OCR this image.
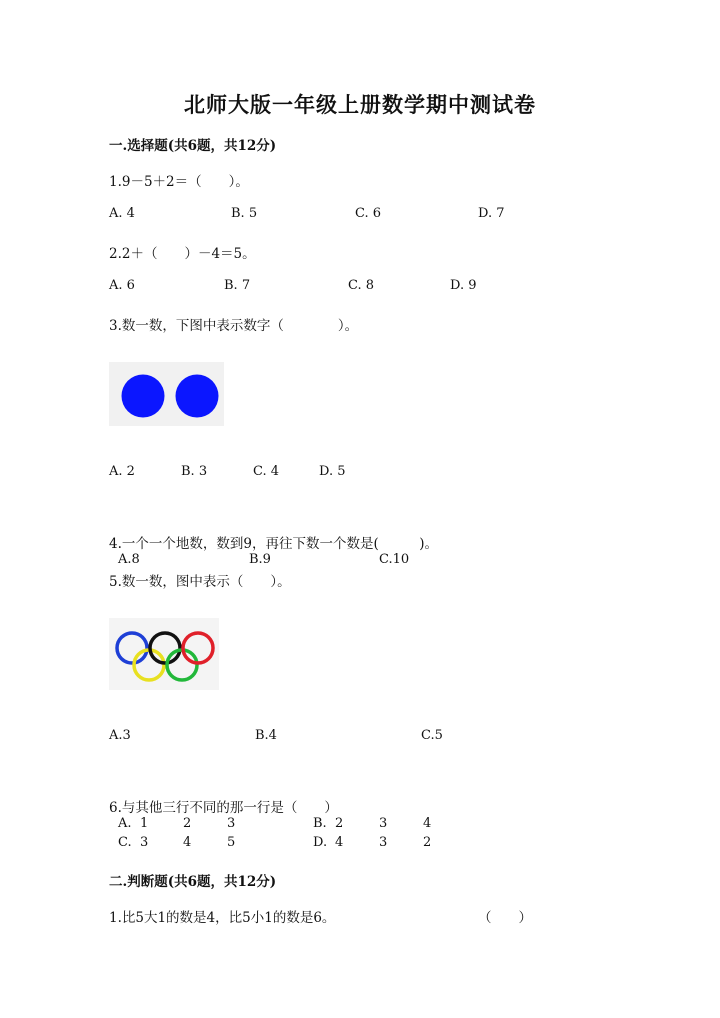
北师大版一年级上册数学期中测试卷
一.选择题(共6题，共12分)
1.9－5＋2＝（　　）。
A. 4	B. 5	C. 6	D. 7
2.2＋（　　）－4＝5。
A. 6	B. 7	C. 8	D. 9
3.数一数，下图中表示数字（　　　　）。
A. 2	B. 3	C. 4	D. 5
4.一个一个地数，数到9，再往下数一个数是(　　　)。
A.8	B.9	C.10
5.数一数，图中表示（　　）。
A.3	B.4	C.5
6.与其他三行不同的那一行是（　　）
A. 1	2	3	B. 2	3	4
C. 3	4	5	D. 4	3	2
二.判断题(共6题，共12分)
1.比5大1的数是4，比5小1的数是6。	（　　）
